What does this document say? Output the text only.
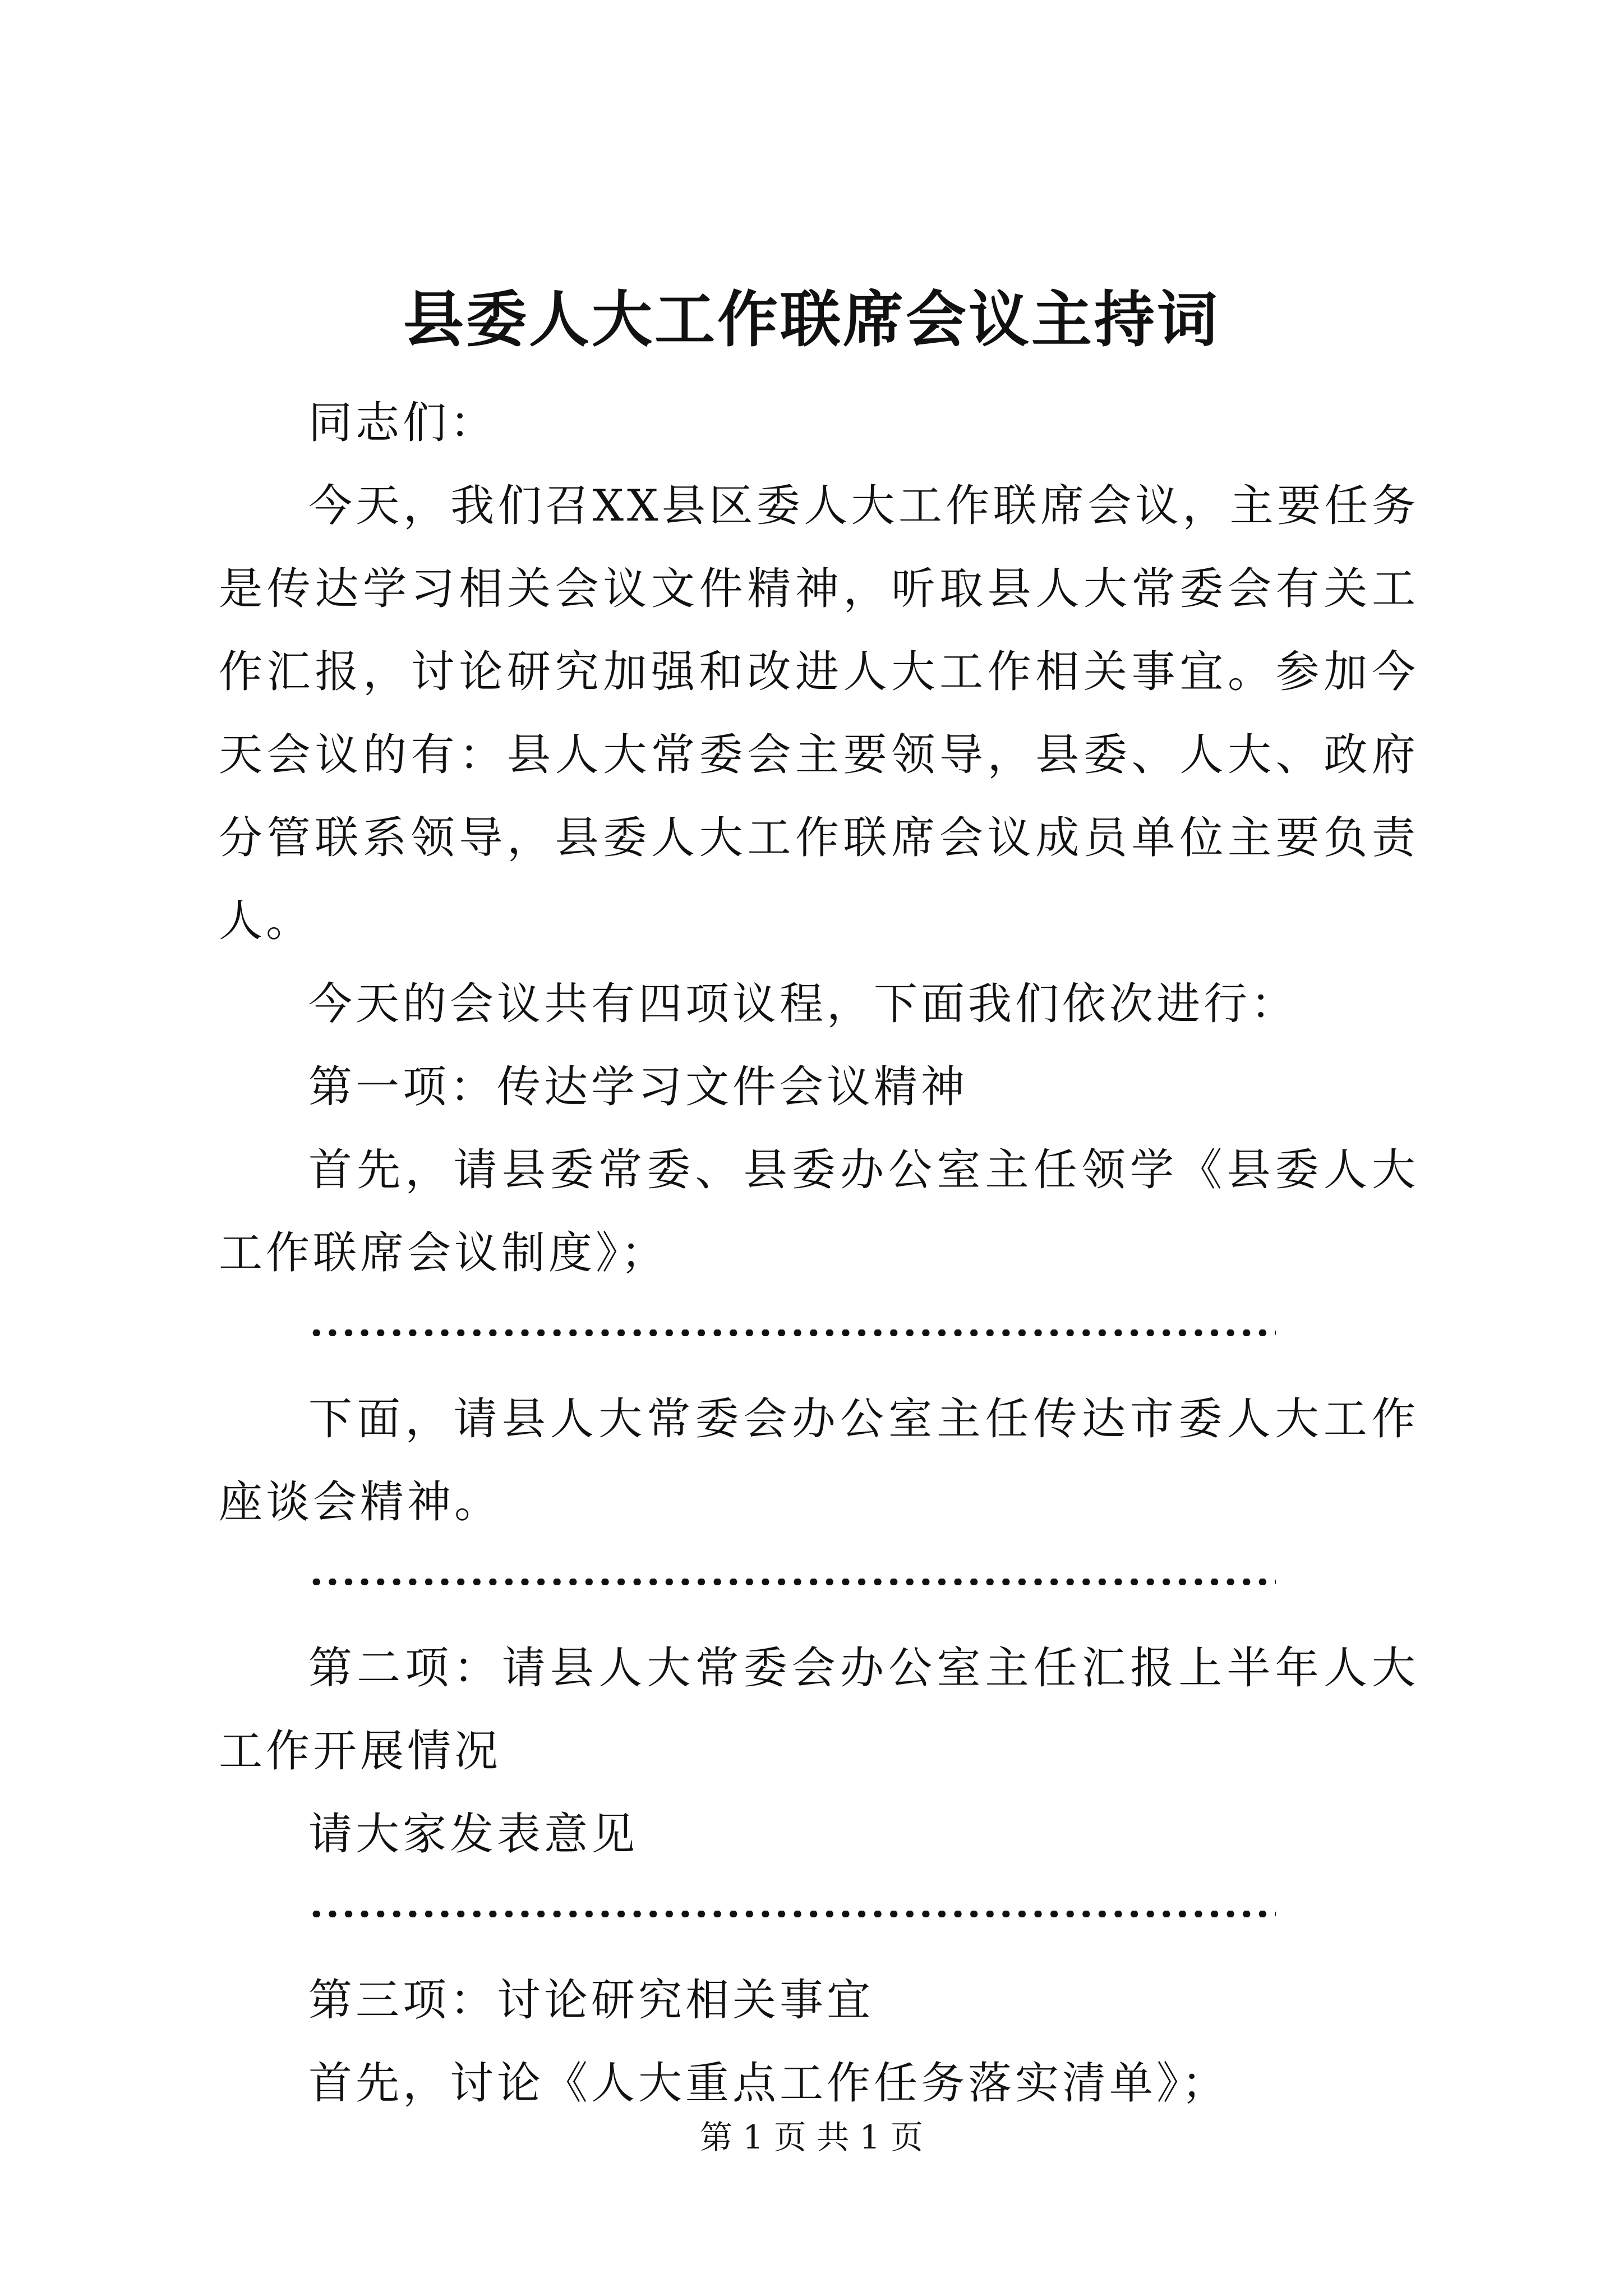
县委人大工作联席会议主持词

同志们：

今天，我们召XX县区委人大工作联席会议，主要任务是传达学习相关会议文件精神，听取县人大常委会有关工作汇报，讨论研究加强和改进人大工作相关事宜。参加今天会议的有：县人大常委会主要领导，县委、人大、政府分管联系领导，县委人大工作联席会议成员单位主要负责人。

今天的会议共有四项议程，下面我们依次进行：

第一项：传达学习文件会议精神

首先，请县委常委、县委办公室主任领学《县委人大工作联席会议制度》；

下面，请县人大常委会办公室主任传达市委人大工作座谈会精神。

第二项：请县人大常委会办公室主任汇报上半年人大工作开展情况

请大家发表意见

第三项：讨论研究相关事宜

首先，讨论《人大重点工作任务落实清单》；

第 1 页 共 1 页
